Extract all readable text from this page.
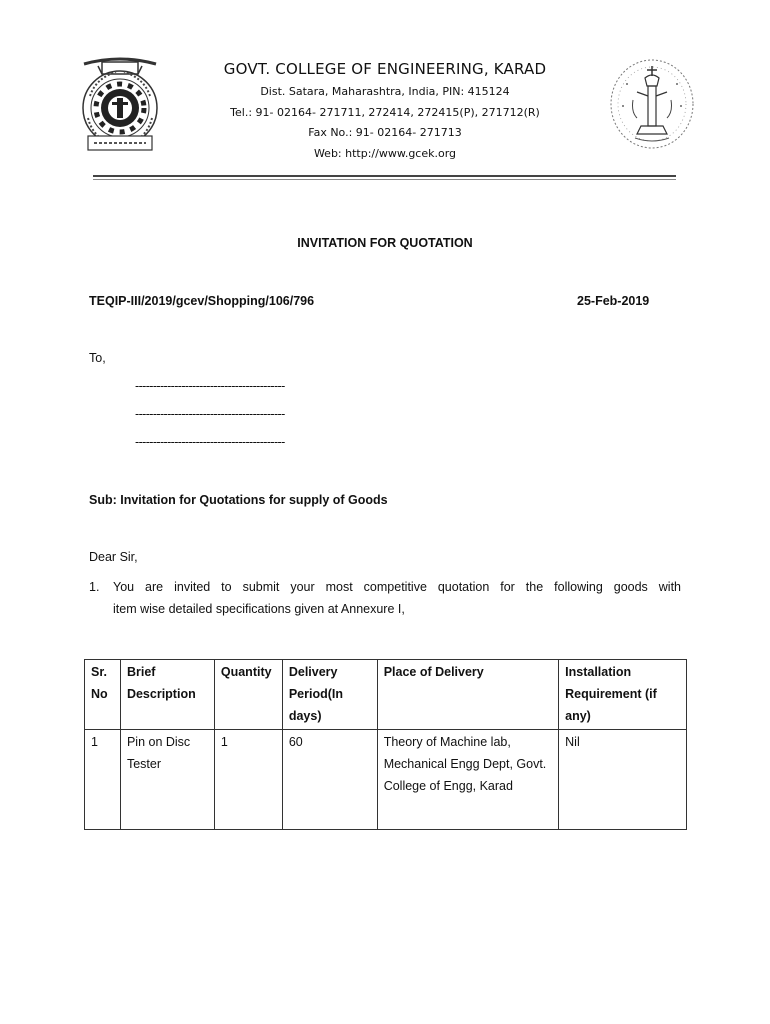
GOVT. COLLEGE OF ENGINEERING, KARAD
Dist. Satara, Maharashtra, India, PIN: 415124
Tel.: 91- 02164- 271711, 272414, 272415(P), 271712(R)
Fax No.: 91- 02164- 271713
Web: http://www.gcek.org
INVITATION FOR QUOTATION
TEQIP-III/2019/gcev/Shopping/106/796	25-Feb-2019
To,
------------------------------------------
------------------------------------------
------------------------------------------
Sub: Invitation for Quotations for supply of Goods
Dear Sir,
1. You are invited to submit your most competitive quotation for the following goods with
item wise detailed specifications given at Annexure I,
Sr. No	Brief Description	Quantity	Delivery Period(In days)	Place of Delivery	Installation Requirement (if any)
1	Pin on Disc Tester	1	60	Theory of Machine lab, Mechanical Engg Dept, Govt. College of Engg, Karad	Nil
